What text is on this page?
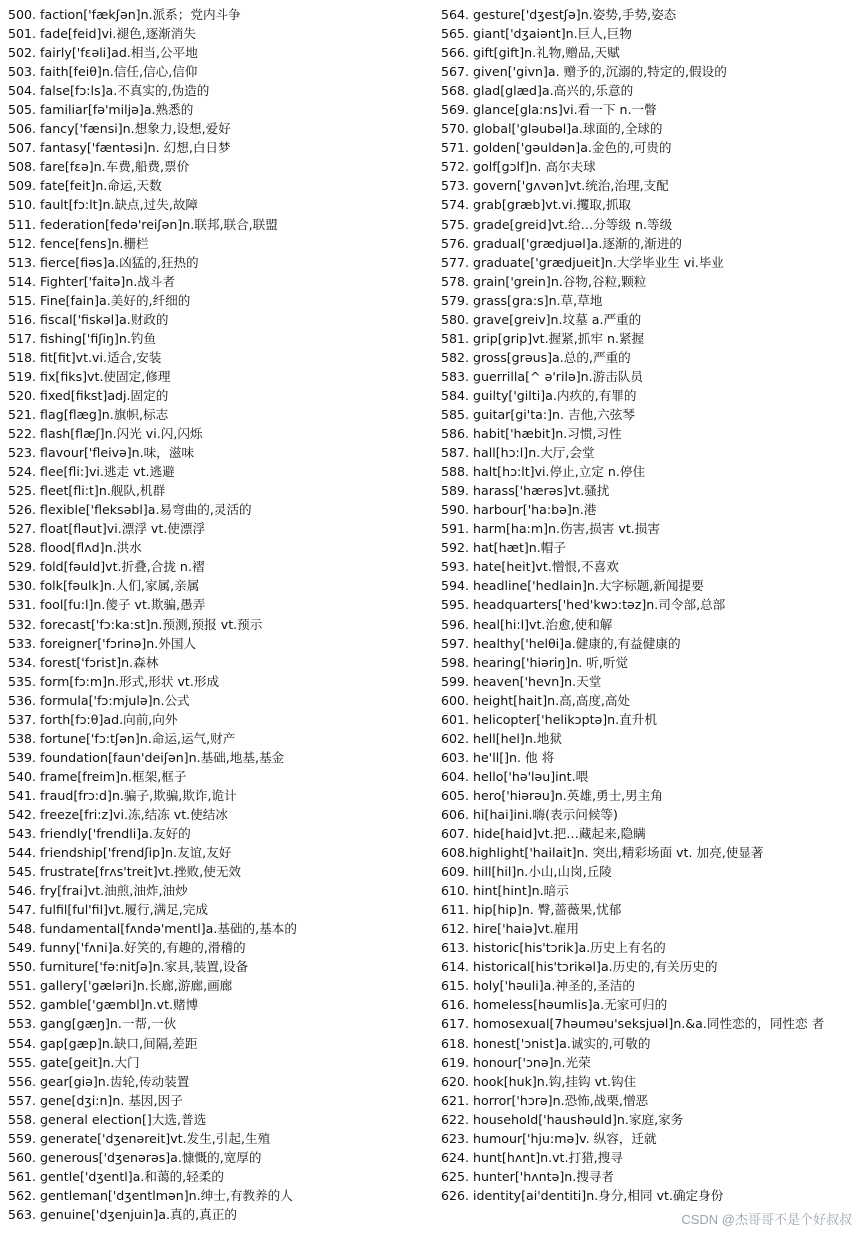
500. faction['fækʃən]n.派系；党内斗争
501. fade[feid]vi.褪色,逐渐消失
502. fairly['fɛəli]ad.相当,公平地
503. faith[feiθ]n.信任,信心,信仰
504. false[fɔ:ls]a.不真实的,伪造的
505. familiar[fə'miljə]a.熟悉的
506. fancy['fænsi]n.想象力,设想,爱好
507. fantasy['fæntəsi]n. 幻想,白日梦
508. fare[fɛə]n.车费,船费,票价
509. fate[feit]n.命运,天数
510. fault[fɔ:lt]n.缺点,过失,故障
511. federation[fedə'reiʃən]n.联邦,联合,联盟
512. fence[fens]n.栅栏
513. fierce[fiəs]a.凶猛的,狂热的
514. Fighter['faitə]n.战斗者
515. Fine[fain]a.美好的,纤细的
516. fiscal['fiskəl]a.财政的
517. fishing['fiʃiŋ]n.钓鱼
518. fit[fit]vt.vi.适合,安装
519. fix[fiks]vt.使固定,修理
520. fixed[fikst]adj.固定的
521. flag[flæg]n.旗帜,标志
522. flash[flæʃ]n.闪光 vi.闪,闪烁
523. flavour['fleivə]n.味，滋味
524. flee[fli:]vi.逃走 vt.逃避
525. fleet[fli:t]n.舰队,机群
526. flexible['fleksəbl]a.易弯曲的,灵活的
527. float[fləut]vi.漂浮 vt.使漂浮
528. flood[flʌd]n.洪水
529. fold[fəuld]vt.折叠,合拢 n.褶
530. folk[fəulk]n.人们,家属,亲属
531. fool[fu:l]n.傻子 vt.欺骗,愚弄
532. forecast['fɔ:ka:st]n.预测,预报 vt.预示
533. foreigner['fɔrinə]n.外国人
534. forest['fɔrist]n.森林
535. form[fɔ:m]n.形式,形状 vt.形成
536. formula['fɔ:mjulə]n.公式
537. forth[fɔ:θ]ad.向前,向外
538. fortune['fɔ:tʃən]n.命运,运气,财产
539. foundation[faun'deiʃən]n.基础,地基,基金
540. frame[freim]n.框架,框子
541. fraud[frɔ:d]n.骗子,欺骗,欺诈,诡计
542. freeze[fri:z]vi.冻,结冻 vt.使结冰
543. friendly['frendli]a.友好的
544. friendship['frendʃip]n.友谊,友好
545. frustrate[frʌs'treit]vt.挫败,使无效
546. fry[frai]vt.油煎,油炸,油炒
547. fulfil[ful'fil]vt.履行,满足,完成
548. fundamental[fʌndə'mentl]a.基础的,基本的
549. funny['fʌni]a.好笑的,有趣的,滑稽的
550. furniture['fə:nitʃə]n.家具,装置,设备
551. gallery['gæləri]n.长廊,游廊,画廊
552. gamble['gæmbl]n.vt.赌博
553. gang[gæŋ]n.一帮,一伙
554. gap[gæp]n.缺口,间隔,差距
555. gate[geit]n.大门
556. gear[giə]n.齿轮,传动装置
557. gene[dʒi:n]n. 基因,因子
558. general election[]大选,普选
559. generate['dʒenəreit]vt.发生,引起,生殖
560. generous['dʒenərəs]a.慷慨的,宽厚的
561. gentle['dʒentl]a.和蔼的,轻柔的
562. gentleman['dʒentlmən]n.绅士,有教养的人
563. genuine['dʒenjuin]a.真的,真正的
564. gesture['dʒestʃə]n.姿势,手势,姿态
565. giant['dʒaiənt]n.巨人,巨物
566. gift[gift]n.礼物,赠品,天赋
567. given['givn]a. 赠予的,沉溺的,特定的,假设的
568. glad[glæd]a.高兴的,乐意的
569. glance[gla:ns]vi.看一下 n.一瞥
570. global['gləubəl]a.球面的,全球的
571. golden['gəuldən]a.金色的,可贵的
572. golf[gɔlf]n. 高尔夫球
573. govern['gʌvən]vt.统治,治理,支配
574. grab[græb]vt.vi.攫取,抓取
575. grade[greid]vt.给…分等级 n.等级
576. gradual['grædjuəl]a.逐渐的,渐进的
577. graduate['grædjueit]n.大学毕业生 vi.毕业
578. grain['grein]n.谷物,谷粒,颗粒
579. grass[gra:s]n.草,草地
580. grave[greiv]n.坟墓 a.严重的
581. grip[grip]vt.握紧,抓牢 n.紧握
582. gross[grəus]a.总的,严重的
583. guerrilla[^ ə'rilə]n.游击队员
584. guilty['gilti]a.内疚的,有罪的
585. guitar[gi'ta:]n. 吉他,六弦琴
586. habit['hæbit]n.习惯,习性
587. hall[hɔ:l]n.大厅,会堂
588. halt[hɔ:lt]vi.停止,立定 n.停住
589. harass['hærəs]vt.骚扰
590. harbour['ha:bə]n.港
591. harm[ha:m]n.伤害,损害 vt.损害
592. hat[hæt]n.帽子
593. hate[heit]vt.憎恨,不喜欢
594. headline['hedlain]n.大字标题,新闻提要
595. headquarters['hed'kwɔ:təz]n.司令部,总部
596. heal[hi:l]vt.治愈,使和解
597. healthy['helθi]a.健康的,有益健康的
598. hearing['hiəriŋ]n. 听,听觉
599. heaven['hevn]n.天堂
600. height[hait]n.高,高度,高处
601. helicopter['helikɔptə]n.直升机
602. hell[hel]n.地狱
603. he'll[]n. 他 将
604. hello['hə'ləu]int.喂
605. hero['hiərəu]n.英雄,勇士,男主角
606. hi[hai]ini.嗨(表示问候等)
607. hide[haid]vt.把…藏起来,隐瞒
608.highlight['hailait]n. 突出,精彩场面 vt. 加亮,使显著
609. hill[hil]n.小山,山岗,丘陵
610. hint[hint]n.暗示
611. hip[hip]n. 臀,蔷薇果,忧郁
612. hire['haiə]vt.雇用
613. historic[his'tɔrik]a.历史上有名的
614. historical[his'tɔrikəl]a.历史的,有关历史的
615. holy['həuli]a.神圣的,圣洁的
616. homeless[həumlis]a.无家可归的
617. homosexual[7həuməu'seksjuəl]n.&a.同性恋的，同性恋 者
618. honest['ɔnist]a.诚实的,可敬的
619. honour['ɔnə]n.光荣
620. hook[huk]n.钩,挂钩 vt.钩住
621. horror['hɔrə]n.恐怖,战栗,憎恶
622. household['haushəuld]n.家庭,家务
623. humour['hju:mə]v. 纵容，迁就
624. hunt[hʌnt]n.vt.打猎,搜寻
625. hunter['hʌntə]n.搜寻者
626. identity[ai'dentiti]n.身分,相同 vt.确定身份
CSDN @杰哥哥不是个好叔叔
